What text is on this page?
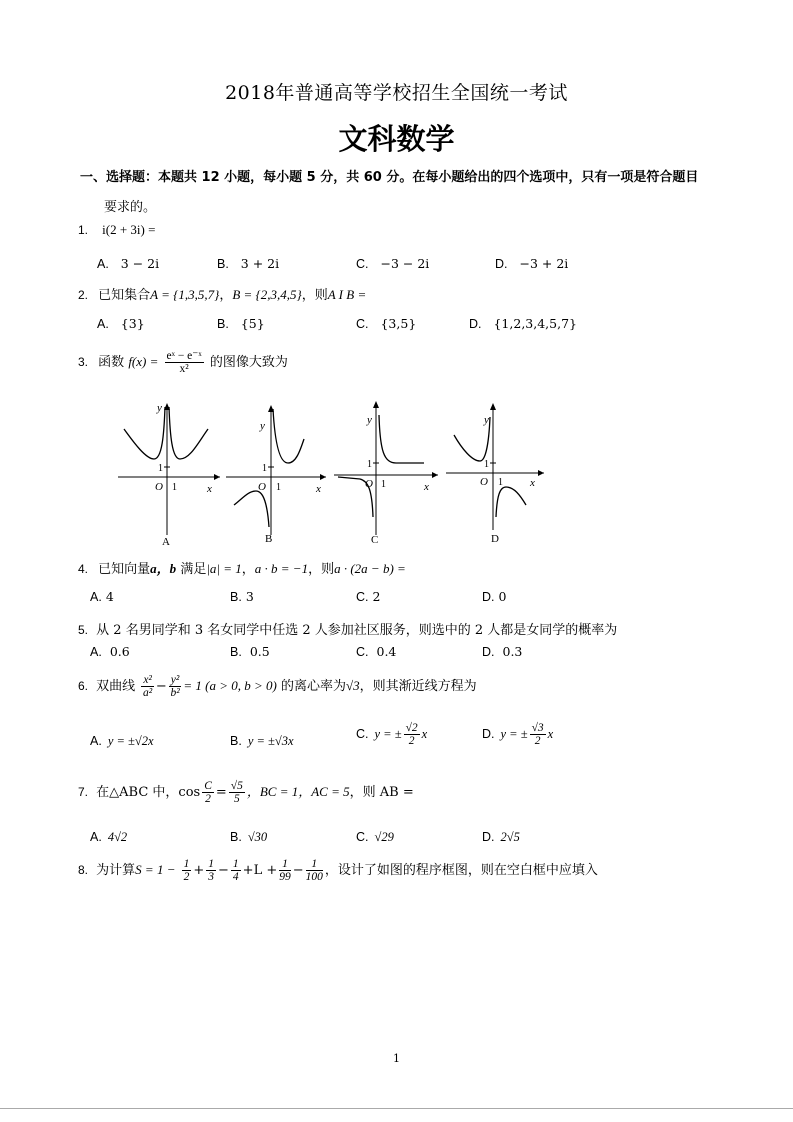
2018年普通高等学校招生全国统一考试
文科数学
一、选择题：本题共 12 小题，每小题 5 分，共 60 分。在每小题给出的四个选项中，只有一项是符合题目
要求的。
1. i(2 + 3i) =
A. 3 − 2i	B. 3 + 2i	C. −3 − 2i	D. −3 + 2i
2. 已知集合A = {1,3,5,7}，B = {2,3,4,5}，则A I B =
A. {3}	B. {5}	C. {3,5}	D. {1,2,3,4,5,7}
3. 函数 $f(x) = \frac{\text{eˣ − e⁻ˣ}}{\text{x²}}$ 的图像大致为
1
O 1	x
y
A
1
O 1	x
y
B
1
O 1	x
y
C
1
O 1 x
y
D
4. 已知向量a，b 满足|a| = 1，a · b = −1，则a · (2a − b) =
A. 4	B. 3	C. 2	D. 0
5. 从 2 名男同学和 3 名女同学中任选 2 人参加社区服务，则选中的 2 人都是女同学的概率为
A. 0.6	B. 0.5	C. 0.4	D. 0.3
6. 双曲线 $\frac{\text{x²}}{\text{a²}} - \frac{\text{y²}}{\text{b²}} = 1$ (a > 0, b > 0) 的离心率为√3，则其渐近线方程为
A. y = ±√2x	B. y = ±√3x	C. y = ± $\frac{√2}{2}$ x	D. y = ± $\frac{√3}{2}$ x
7. 在△ABC 中，$\cos \frac{C}{2} = \frac{√5}{5}$ ，BC = 1，AC = 5，则 AB =
A. 4√2	B. √30	C. √29	D. 2√5
8. 为计算$S = 1 - \frac{1}{2} + \frac{1}{3} - \frac{1}{4} +L + \frac{1}{99} - \frac{1}{100}$ ，设计了如图的程序框图，则在空白框中应填入
1
